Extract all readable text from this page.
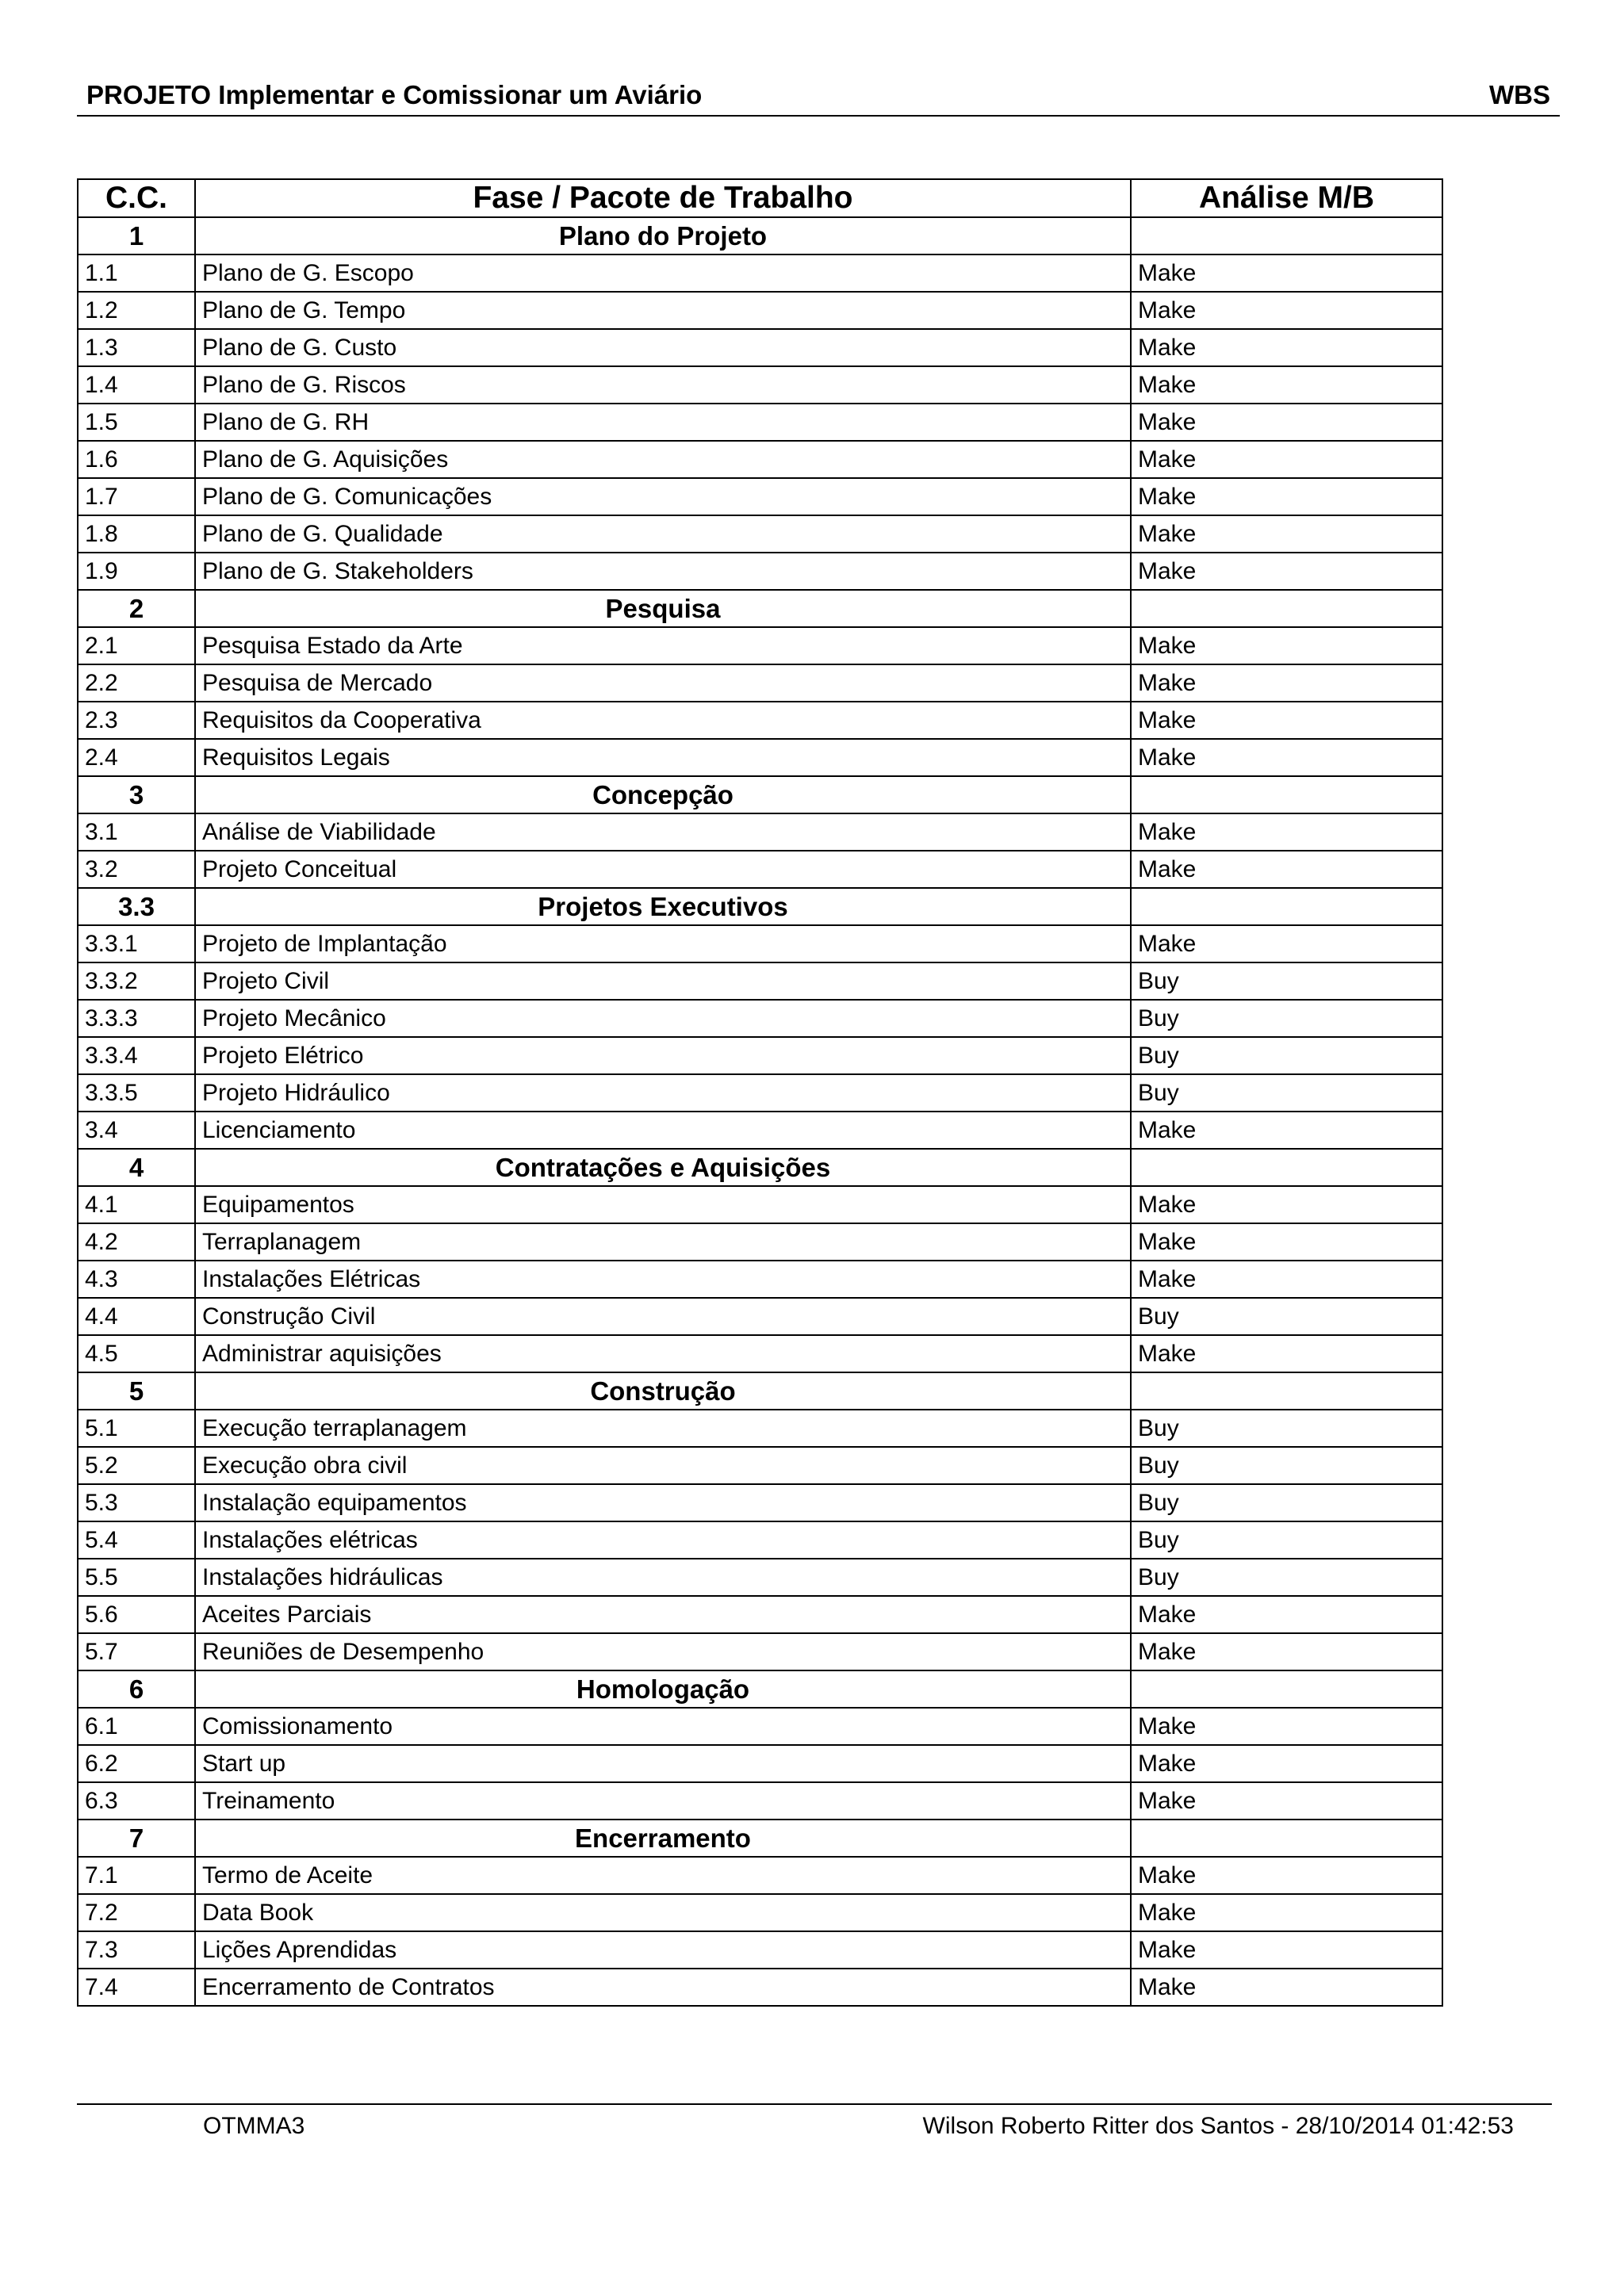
PROJETO Implementar e Comissionar um Aviário	WBS
C.C.	Fase / Pacote de Trabalho	Análise M/B
1	Plano do Projeto	
1.1	Plano de G. Escopo	Make
1.2	Plano de G. Tempo	Make
1.3	Plano de G. Custo	Make
1.4	Plano de G. Riscos	Make
1.5	Plano de G. RH	Make
1.6	Plano de G. Aquisições	Make
1.7	Plano de G. Comunicações	Make
1.8	Plano de G. Qualidade	Make
1.9	Plano de G. Stakeholders	Make
2	Pesquisa	
2.1	Pesquisa Estado da Arte	Make
2.2	Pesquisa de Mercado	Make
2.3	Requisitos da Cooperativa	Make
2.4	Requisitos Legais	Make
3	Concepção	
3.1	Análise de Viabilidade	Make
3.2	Projeto Conceitual	Make
3.3	Projetos Executivos	
3.3.1	Projeto de Implantação	Make
3.3.2	Projeto Civil	Buy
3.3.3	Projeto Mecânico	Buy
3.3.4	Projeto Elétrico	Buy
3.3.5	Projeto Hidráulico	Buy
3.4	Licenciamento	Make
4	Contratações e Aquisições	
4.1	Equipamentos	Make
4.2	Terraplanagem	Make
4.3	Instalações Elétricas	Make
4.4	Construção Civil	Buy
4.5	Administrar aquisições	Make
5	Construção	
5.1	Execução terraplanagem	Buy
5.2	Execução obra civil	Buy
5.3	Instalação equipamentos	Buy
5.4	Instalações elétricas	Buy
5.5	Instalações hidráulicas	Buy
5.6	Aceites Parciais	Make
5.7	Reuniões de Desempenho	Make
6	Homologação	
6.1	Comissionamento	Make
6.2	Start up	Make
6.3	Treinamento	Make
7	Encerramento	
7.1	Termo de Aceite	Make
7.2	Data Book	Make
7.3	Lições Aprendidas	Make
7.4	Encerramento de Contratos	Make
OTMMA3	Wilson Roberto Ritter dos Santos - 28/10/2014 01:42:53
